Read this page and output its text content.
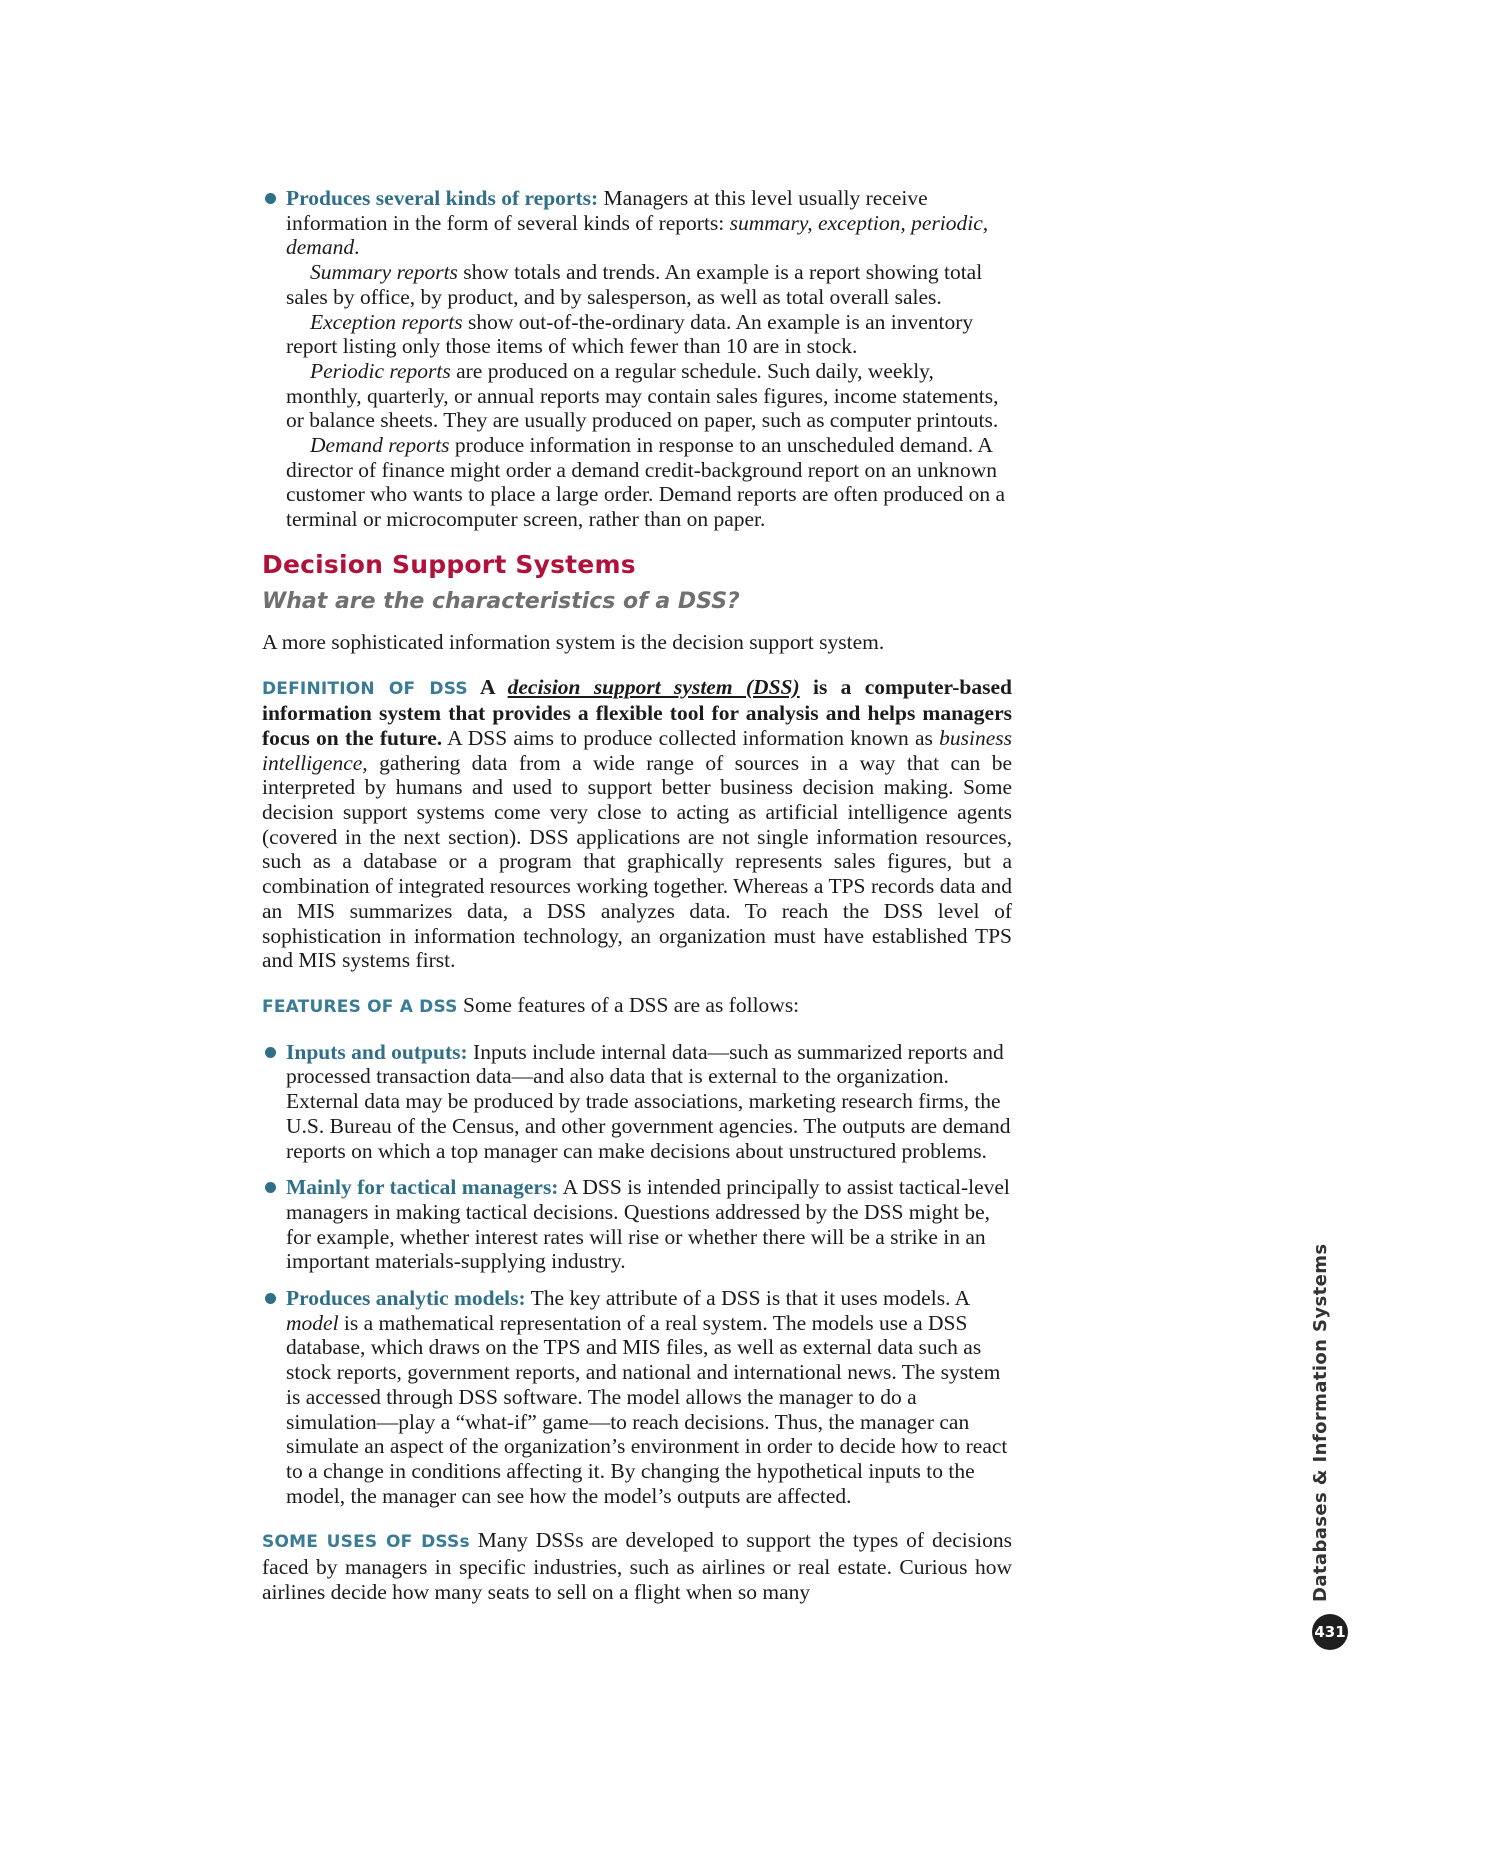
Produces several kinds of reports: Managers at this level usually receive information in the form of several kinds of reports: summary, exception, periodic, demand.

Summary reports show totals and trends. An example is a report showing total sales by office, by product, and by salesperson, as well as total overall sales.

Exception reports show out-of-the-ordinary data. An example is an inventory report listing only those items of which fewer than 10 are in stock.

Periodic reports are produced on a regular schedule. Such daily, weekly, monthly, quarterly, or annual reports may contain sales figures, income statements, or balance sheets. They are usually produced on paper, such as computer printouts.

Demand reports produce information in response to an unscheduled demand. A director of finance might order a demand credit-background report on an unknown customer who wants to place a large order. Demand reports are often produced on a terminal or microcomputer screen, rather than on paper.

Decision Support Systems
What are the characteristics of a DSS?

A more sophisticated information system is the decision support system.

DEFINITION OF DSS A decision support system (DSS) is a computer-based information system that provides a flexible tool for analysis and helps managers focus on the future. A DSS aims to produce collected information known as business intelligence, gathering data from a wide range of sources in a way that can be interpreted by humans and used to support better business decision making. Some decision support systems come very close to acting as artificial intelligence agents (covered in the next section). DSS applications are not single information resources, such as a database or a program that graphically represents sales figures, but a combination of integrated resources working together. Whereas a TPS records data and an MIS summarizes data, a DSS analyzes data. To reach the DSS level of sophistication in information technology, an organization must have established TPS and MIS systems first.

FEATURES OF A DSS Some features of a DSS are as follows:

Inputs and outputs: Inputs include internal data—such as summarized reports and processed transaction data—and also data that is external to the organization. External data may be produced by trade associations, marketing research firms, the U.S. Bureau of the Census, and other government agencies. The outputs are demand reports on which a top manager can make decisions about unstructured problems.
Mainly for tactical managers: A DSS is intended principally to assist tactical-level managers in making tactical decisions. Questions addressed by the DSS might be, for example, whether interest rates will rise or whether there will be a strike in an important materials-supplying industry.
Produces analytic models: The key attribute of a DSS is that it uses models. A model is a mathematical representation of a real system. The models use a DSS database, which draws on the TPS and MIS files, as well as external data such as stock reports, government reports, and national and international news. The system is accessed through DSS software. The model allows the manager to do a simulation—play a “what-if” game—to reach decisions. Thus, the manager can simulate an aspect of the organization’s environment in order to decide how to react to a change in conditions affecting it. By changing the hypothetical inputs to the model, the manager can see how the model’s outputs are affected.

SOME USES OF DSSs Many DSSs are developed to support the types of decisions faced by managers in specific industries, such as airlines or real estate. Curious how airlines decide how many seats to sell on a flight when so many	Databases & Information Systems
431
